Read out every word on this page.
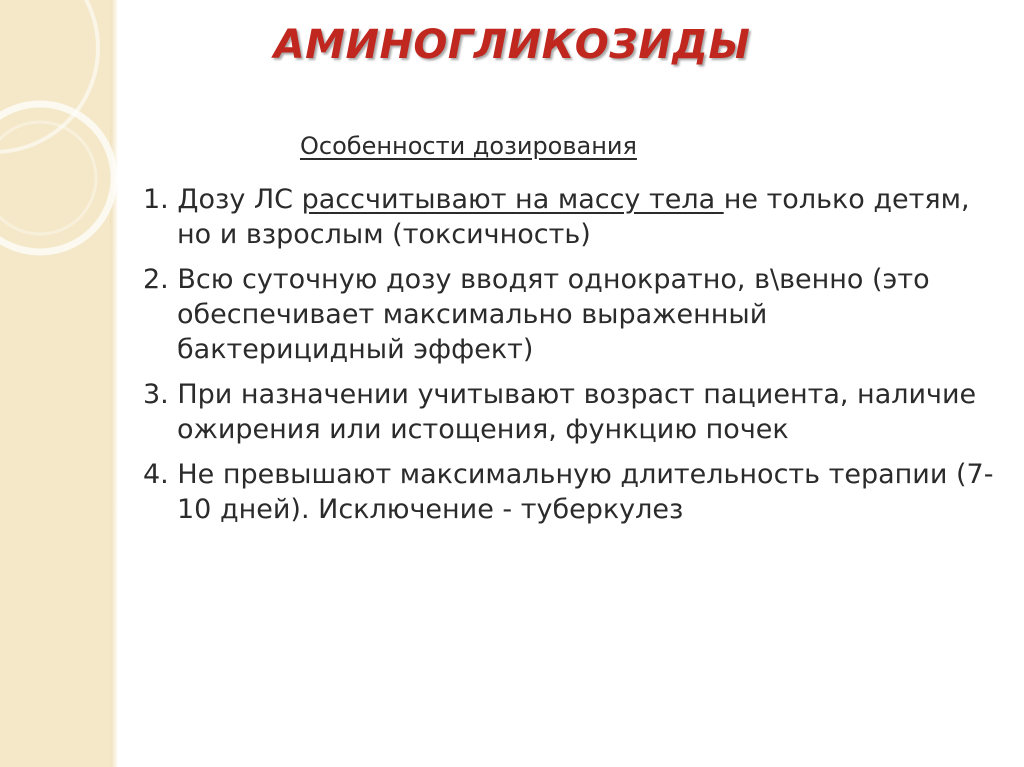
АМИНОГЛИКОЗИДЫ

Особенности дозирования

1. Дозу ЛС рассчитывают на массу тела не только детям, но и взрослым (токсичность)
2. Всю суточную дозу вводят однократно, в\венно (это обеспечивает максимально выраженный бактерицидный эффект)
3. При назначении учитывают возраст пациента, наличие ожирения или истощения, функцию почек
4. Не превышают максимальную длительность терапии (7-10 дней). Исключение - туберкулез
